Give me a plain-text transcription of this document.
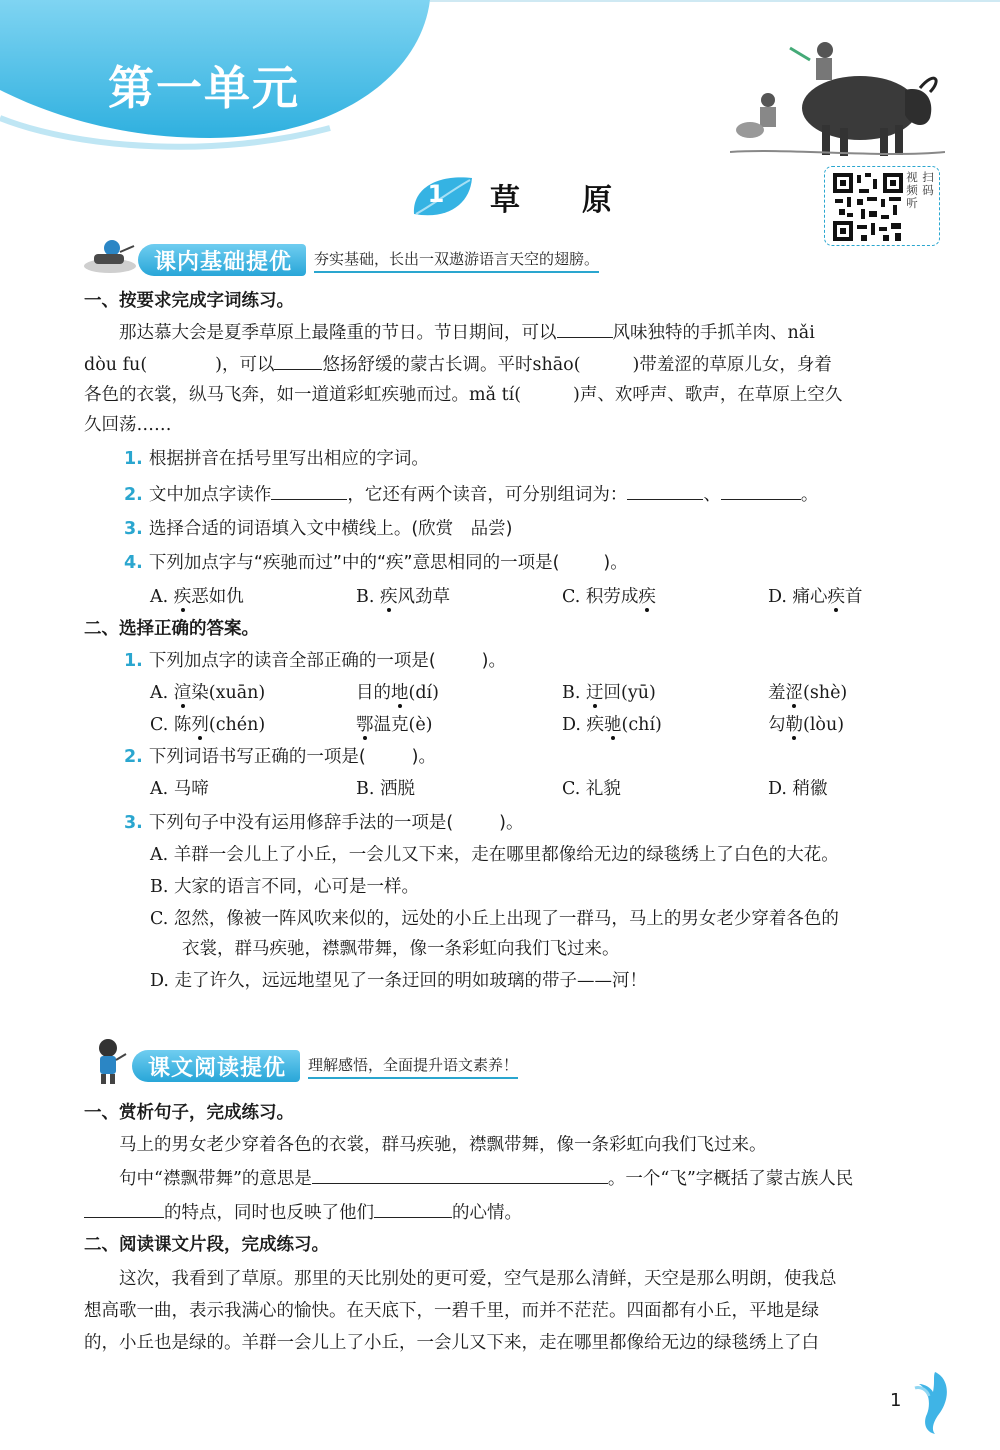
第一单元
1	草原
扫码
视频听
课内基础提优	夯实基础，长出一双遨游语言天空的翅膀。
一、按要求完成字词练习。
那达慕大会是夏季草原上最隆重的节日。节日期间，可以	风味独特的手抓羊肉、nǎi
dòu fu(	)，可以	悠扬舒缓的蒙古长调。平时shāo(	)带羞涩的草原儿女，身着
各色的衣裳，纵马飞奔，如一道道彩虹疾驰而过。mǎ tí(	)声、欢呼声、歌声，在草原上空久
久回荡……
1. 根据拼音在括号里写出相应的字词。
2. 文中加点字读作	，它还有两个读音，可分别组词为：	、	。
3. 选择合适的词语填入文中横线上。(欣赏　品尝)
4. 下列加点字与“疾驰而过”中的“疾”意思相同的一项是(	)。
A. 疾恶如仇	B. 疾风劲草	C. 积劳成疾	D. 痛心疾首
二、选择正确的答案。
1. 下列加点字的读音全部正确的一项是(	)。
A. 渲染(xuān)	目的地(dí)	B. 迂回(yū)	羞涩(shè)
C. 陈列(chén)	鄂温克(è)	D. 疾驰(chí)	勾勒(lòu)
2. 下列词语书写正确的一项是(	)。
A. 马啼	B. 洒脱	C. 礼貌	D. 稍徽
3. 下列句子中没有运用修辞手法的一项是(	)。
A. 羊群一会儿上了小丘，一会儿又下来，走在哪里都像给无边的绿毯绣上了白色的大花。
B. 大家的语言不同，心可是一样。
C. 忽然，像被一阵风吹来似的，远处的小丘上出现了一群马，马上的男女老少穿着各色的
衣裳，群马疾驰，襟飘带舞，像一条彩虹向我们飞过来。
D. 走了许久，远远地望见了一条迂回的明如玻璃的带子——河！
课文阅读提优	理解感悟，全面提升语文素养！
一、赏析句子，完成练习。
马上的男女老少穿着各色的衣裳，群马疾驰，襟飘带舞，像一条彩虹向我们飞过来。
句中“襟飘带舞”的意思是	。一个“飞”字概括了蒙古族人民
的特点，同时也反映了他们	的心情。
二、阅读课文片段，完成练习。
这次，我看到了草原。那里的天比别处的更可爱，空气是那么清鲜，天空是那么明朗，使我总
想高歌一曲，表示我满心的愉快。在天底下，一碧千里，而并不茫茫。四面都有小丘，平地是绿
的，小丘也是绿的。羊群一会儿上了小丘，一会儿又下来，走在哪里都像给无边的绿毯绣上了白
1
